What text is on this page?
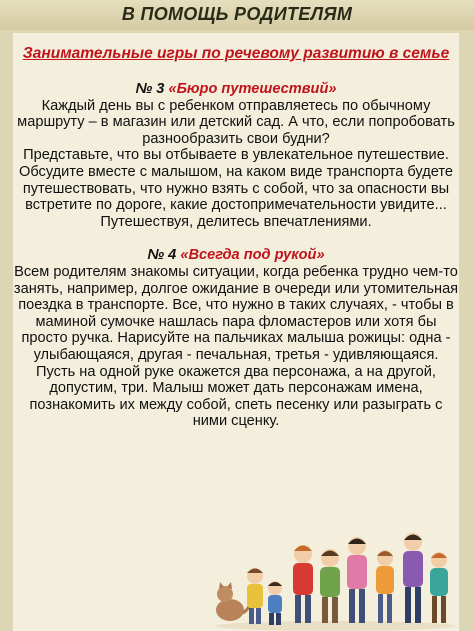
В ПОМОЩЬ РОДИТЕЛЯМ

Занимательные игры по речевому развитию в семье

№ 3 «Бюро путешествий»

Каждый день вы с ребенком отправляетесь по обычному маршруту – в магазин или детский сад. А что, если попробовать разнообразить свои будни?

Представьте, что вы отбываете в увлекательное путешествие. Обсудите вместе с малышом, на каком виде транспорта будете путешествовать, что нужно взять с собой, что за опасности вы встретите по дороге, какие достопримечательности увидите... Путешествуя, делитесь впечатлениями.

№ 4 «Всегда под рукой»

Всем родителям знакомы ситуации, когда ребенка трудно чем-то занять, например, долгое ожидание в очереди или утомительная поездка в транспорте. Все, что нужно в таких случаях, - чтобы в маминой сумочке нашлась пара фломастеров или хотя бы просто ручка. Нарисуйте на пальчиках малыша рожицы: одна - улыбающаяся, другая - печальная, третья - удивляющаяся. Пусть на одной руке окажется два персонажа, а на другой, допустим, три. Малыш может дать персонажам имена, познакомить их между собой, спеть песенку или разыграть с ними сценку.
